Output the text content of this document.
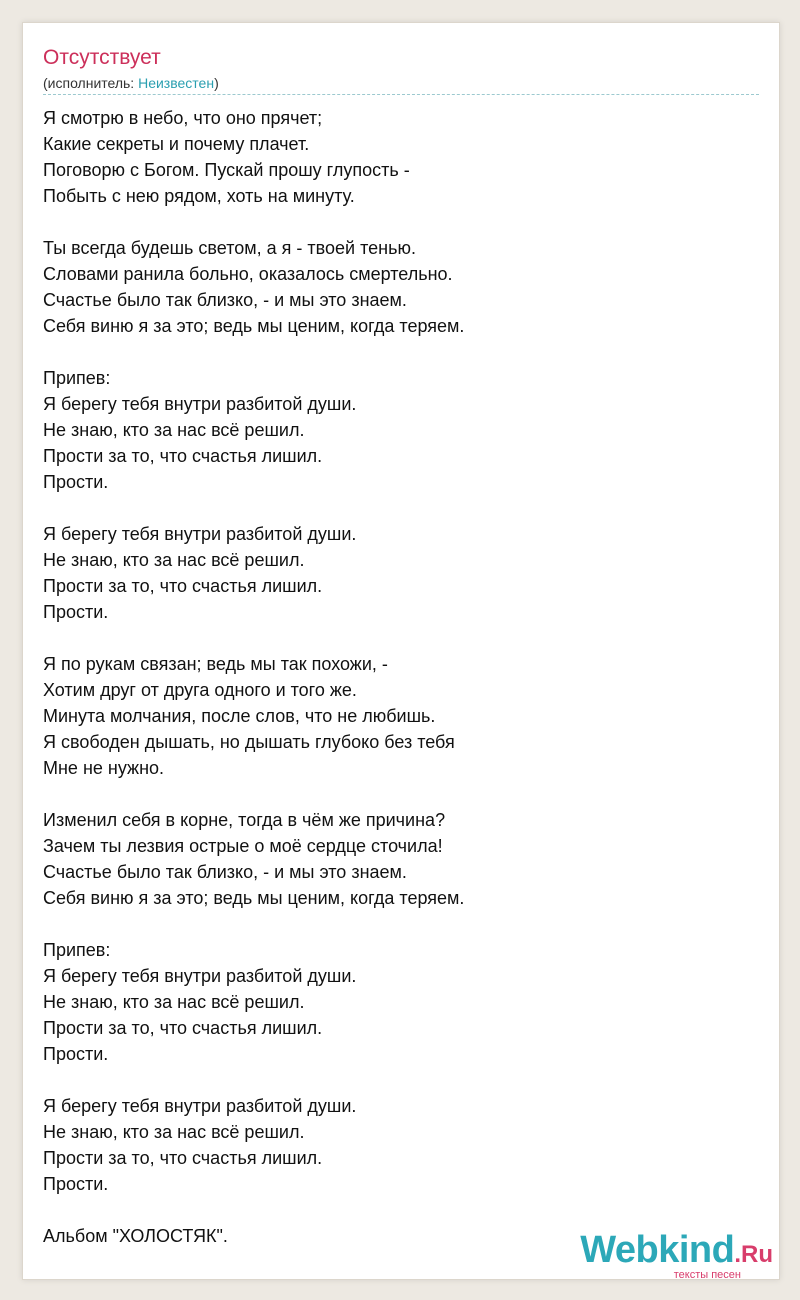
Отсутствует
(исполнитель: Неизвестен)
Я смотрю в небо, что оно прячет;
Какие секреты и почему плачет.
Поговорю с Богом. Пускай прошу глупость -
Побыть с нею рядом, хоть на минуту.
Ты всегда будешь светом, а я - твоей тенью.
Словами ранила больно, оказалось смертельно.
Счастье было так близко, - и мы это знаем.
Себя виню я за это; ведь мы ценим, когда теряем.
Припев:
Я берегу тебя внутри разбитой души.
Не знаю, кто за нас всё решил.
Прости за то, что счастья лишил.
Прости.
Я берегу тебя внутри разбитой души.
Не знаю, кто за нас всё решил.
Прости за то, что счастья лишил.
Прости.
Я по рукам связан; ведь мы так похожи, -
Хотим друг от друга одного и того же.
Минута молчания, после слов, что не любишь.
Я свободен дышать, но дышать глубоко без тебя
Мне не нужно.
Изменил себя в корне, тогда в чём же причина?
Зачем ты лезвия острые о моё сердце сточила!
Счастье было так близко, - и мы это знаем.
Себя виню я за это; ведь мы ценим, когда теряем.
Припев:
Я берегу тебя внутри разбитой души.
Не знаю, кто за нас всё решил.
Прости за то, что счастья лишил.
Прости.
Я берегу тебя внутри разбитой души.
Не знаю, кто за нас всё решил.
Прости за то, что счастья лишил.
Прости.
Альбом "ХОЛОСТЯК".	Webkind.Ru
тексты песен
